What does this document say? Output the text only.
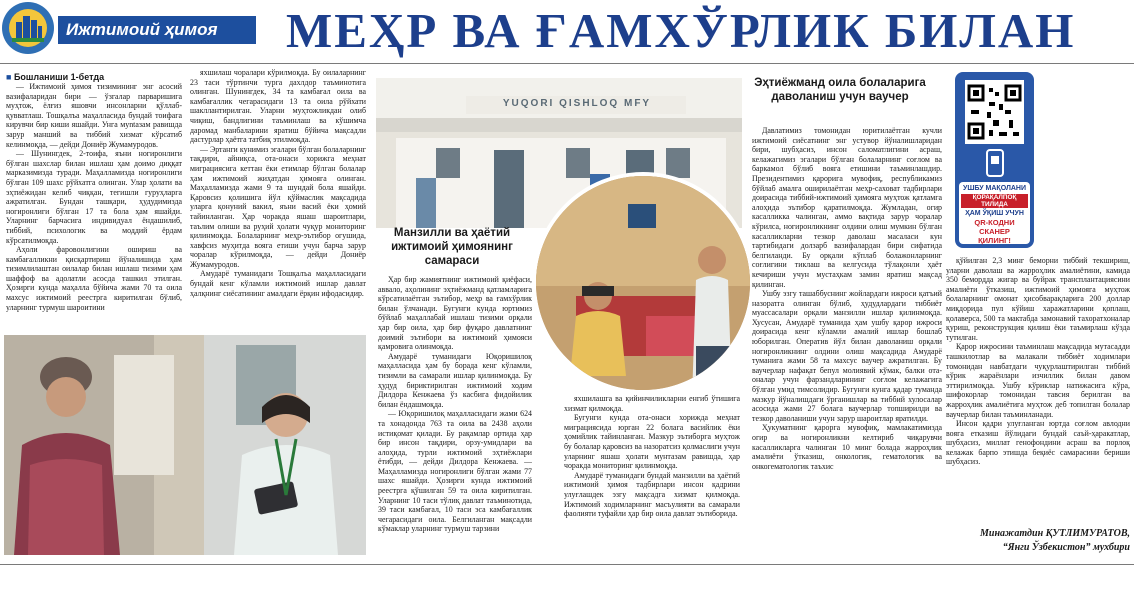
Ижтимоий ҳимоя	МЕҲР ВА ҒАМХЎРЛИК БИЛАН
■ Бошланиши 1-бетда

— Ижтимоий ҳимоя тизимининг энг асосий вазифаларидан бири — ўзгалар парваришига муҳтож, ёлғиз яшовчи инсонларни қўллаб-қувватлаш. Тошқалъа маҳалласида бундай тоифага кирувчи бир киши яшайди. Унга муntазам равишда зарур манший ва тиббий хизмат кўрсатиб келинмоқда, — дейди Дониёр Жумамуродов.

— Шунингдек, 2-тоифа, яъни ногиронлиги бўлган шахслар билан ишлаш ҳам доимо диққат марказимизда туради. Маҳалламизда ногиронлиги бўлган 109 шахс рўйхатга олинган. Улар ҳолати ва эҳтиёжидан келиб чиққан, тегишли гуруҳларга ажратилган. Бундан ташқари, ҳудудимизда ногиронлиги бўлган 17 та бола ҳам яшайди. Уларнинг барчасига индивидуал ёндашилиб, тиббий, психологик ва моддий ёрдам кўрсатилмоқда.

Аҳоли фаровонлигини ошириш ва камбағалликни қисқартириш йўналишида ҳам тизимлилаштан оилалар билан ишлаш тизими ҳам шаффоф ва адолатли асосда ташкил этилган. Ҳозирги кунда маҳалла бўйича жами 70 та оила махсус ижтимоий реестрга киритилган бўлиб, уларнинг турмуш шароитини

яхшилаш чоралари кўрилмоқда. Бу оилаларнинг 23 таси тўртинчи турга дахлдор таъминотига олинган. Шунингдек, 34 та камбағал оила ва камбағаллик чегарасидаги 13 та оила рўйхати шакллантирилган. Уларни муҳтожликдан олиб чиқиш, бандлигини таъминлаш ва кўшимча даромад манбаларини яратиш бўйича мақсадли дастурлар ҳаётга татбиқ этилмоқда.

— Эртанги кунимиз эгалари бўлган болаларнинг тақдири, айниқса, ота-онаси хорижга меҳнат миграциясига кеттан ёки етимлар бўлган болалар ҳам ижтимоий жиҳатдан ҳимояга олинган. Маҳалламизда жами 9 та шундай бола яшайди. Қаровсиз қолишига йўл қўймаслик мақсадида уларга қонуний вакил, яъни васий ёки ҳомий тайинланган. Ҳар чоракда яшаш шароитлари, таълим олиши ва руҳий ҳолати чуқур мониторинг қилинмоқда. Болаларнинг меҳр-эътибор огушида, хавфсиз муҳитда вояга етиши учун барча зарур чоралар кўрилмоқда, — дейди Дониёр Жумамуродов.

Амударё туманидаги Тошқалъа маҳалласидаги бундай кенг кўламли ижтимоий ишлар давлат ҳалқнинг сиёсатининг амалдаги ёрқин ифодасидир.

YUQORI QISHLOQ MFY
Манзилли ва ҳаётий ижтимоий ҳимоянинг самараси

Ҳар бир жамиятнинг ижтимоий қиёфаси, аввало, аҳолининг эҳтиёжманд қатламларига кўрсатилаётган эътибор, меҳр ва ғамхўрлик билан ўлчанади. Бугунги кунда юртимиз бўйлаб маҳаллабай ишлаш тизими орқали ҳар бир оила, ҳар бир фуқаро давлатнинг доимий эътибори ва ижтимоий ҳимояси қамровига олинмоқда.

Амударё туманидаги Юқоришилоқ маҳалласида ҳам бу борада кенг кўламли, тизимли ва самарали ишлар қилинмоқда. Бу ҳудуд бириктирилган ижтимоий ходим Дилдора Кенжаева ўз касбига фидойилик билан ёндашмоқда.

— Юқоришилоқ маҳалласидаги жами 624 та хонадонда 763 та оила ва 2438 аҳоли истиқомат қилади. Бу рақамлар ортида ҳар бир инсон тақдири, орзу-умидлари ва алоҳида, турли ижтимоий эҳтиёжлари ётибди, — дейди Дилдора Кенжаева. — Маҳалламизда ногиронлиги бўлган жами 77 шахс яшайди. Ҳозирги кунда ижтимоий реестрга қўшилган 59 та оила киритилган. Уларнинг 10 таси тўлиқ давлат таъминотида, 39 таси камбағал, 10 таси эса камбағаллик чегарасидаги оила. Белгиланган мақсадли кўмаклар уларнинг турмуш тарзини

яхшилашга ва қийинчиликларни енгиб ўтишига хизмат қилмоқда.

Бугунги кунда ота-онаси хорижда меҳнат миграциясида юрган 22 болага васийлик ёки ҳомийлик тайинланган. Мазкур эътиборга муҳтож бу болалар қаровсиз ва назоратсиз қолмаслиги учун уларнинг яшаш ҳолати мунтазам равишда, ҳар чоракда мониторинг қилинмоқда.

Амударё туманидаги бундай манзилли ва ҳаётий ижтимоий ҳимоя тадбирлари инсон қадрини улуғлашдек эзгу мақсадга хизмат қилмоқда. Ижтимоий ходимларнинг масъулияти ва самарали фаолияти туфайли ҳар бир оила давлат эътиборида.

Эҳтиёжманд оила болаларига даволаниш учун ваучер

Давлатимиз томонидан юритилаётган кучли ижтимоий сиёсатнинг энг устувор йўналишларидан бири, шубҳасиз, инсон саломатлигини асраш, келажагимиз эгалари бўлган болаларнинг соғлом ва баркамол бўлиб вояга етишини таъминлашдир. Президентимиз қарорига мувофиқ, республикамиз бўйлаб амалга оширилаётган меҳр-саховат тадбирлари доирасида тиббий-ижтимоий ҳимояга муҳтож қатламга алоҳида эътибор қаратилмоқда. Жумладан, огир касалликка чалинган, аммо вақтида зарур чоралар кўрилса, ногиронликнинг олдини олиш мумкин бўлган касалликларни тезкор даволаш масаласи кун тартибидаги долзарб вазифалардан бири сифатида белгиланди. Бу орқали кўплаб болажонларнинг соғлигини тиклаш ва келгусида тўлақонли ҳаёт кечириши учун мустаҳкам замин яратиш мақсад қилинган.

Ушбу эзгу ташаббуснинг жойлардаги ижроси қатъий назоратга олинган бўлиб, ҳудудлардаги тиббиёт муассасалари орқали манзилли ишлар қилинмоқда. Хусусан, Амударё туманида ҳам ушбу қарор ижроси доирасида кенг кўламли амалий ишлар бошлаб юборилган. Оператив йўл билан даволаниш орқали ногиронликнинг олдини олиш мақсадида Амударё туманига жами 58 та махсус ваучер ажратилган. Бу ваучерлар нафақат бепул молиявий кўмак, балки ота-оналар учун фарзандларининг соғлом келажагига бўлган умид тимсолидир. Бугунги кунга қадар туманда мазкур йўналишдаги ўрганишлар ва тиббий хулосалар асосида жами 27 болага ваучерлар топширилди ва тезкор даволаниши учун зарур шароитлар яратилди.

Ҳукуматнинг қарорга мувофиқ, мамлакатимизда огир ва ногиронликни келтириб чиқарувчи касалликларга чалинган 10 минг болада жарроҳлик амалиёти ўтказиш, онкологик, гематологик ва онкогематологик таъхис

УШБУ МАҚОЛАНИ
ҚОРАҚАЛПОҚ ТИЛИДА
ҲАМ ЎҚИШ УЧУН
QR-КОДНИ СКАНЕР
ҚИЛИНГ!

қўйилган 2,3 минг беморни тиббий текшириш, уларни даволаш ва жарроҳлик амалиётини, камида 350 бемордда жигар ва буйрак трансплантациясини амалиёти ўтказиш, ижтимоий ҳимояга муҳтож болаларнинг омонат ҳисобварақларига 200 доллар миқдорида пул кўйиш харажатларини қоплаш, қолаверса, 500 та мактабда замонавий тахоратхоналар қуриш, реконструкция қилиш ёки таъмирлаш кўзда тутилган.

Қарор ижросини таъминлаш мақсадида мутасадди ташкилотлар ва малакали тиббиёт ходимлари томонидан навбатдаги чуқурлаштирилган тиббий кўрик жараёнлари изчиллик билан давом эттирилмоқда. Ушбу кўриклар натижасига кўра, шифокорлар томонидан тавсия берилган ва жарроҳлик амалиётига муҳтож деб топилган болалар ваучерлар билан таъминланади.

Инсон қадри улуғланган юртда соғлом авлодни вояга етказиш йўлидаги бундай саъй-ҳаракатлар, шубҳасиз, миллат генофондини асраш ва порлоқ келажак барпо этишда беқиёс самарасини бериши шубҳасиз.

Минажатдин ҚУТЛИМУРАТОВ,
“Янги Ўзбекистон” мухбири
